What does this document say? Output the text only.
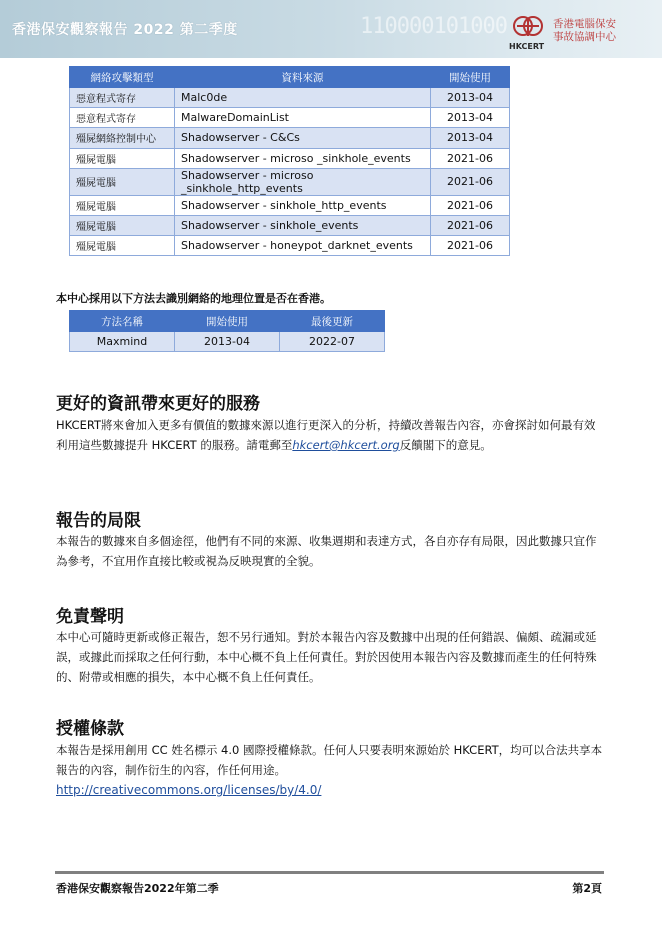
香港保安觀察報告 2022 第二季度	110000101000
HKCERT
香港電腦保安
事故協調中心
網絡攻擊類型	資料來源	開始使用
惡意程式寄存	Malc0de	2013-04
惡意程式寄存	MalwareDomainList	2013-04
殭屍網絡控制中心	Shadowserver - C&Cs	2013-04
殭屍電腦	Shadowserver - microso _sinkhole_events	2021-06
殭屍電腦	Shadowserver - microso _sinkhole_http_events	2021-06
殭屍電腦	Shadowserver - sinkhole_http_events	2021-06
殭屍電腦	Shadowserver - sinkhole_events	2021-06
殭屍電腦	Shadowserver - honeypot_darknet_events	2021-06

本中心採用以下方法去識別網絡的地理位置是否在香港。

方法名稱	開始使用	最後更新
Maxmind	2013-04	2022-07
更好的資訊帶來更好的服務

HKCERT將來會加入更多有價值的數據來源以進行更深入的分析，持續改善報告內容，亦會探討如何最有效利用這些數據提升 HKCERT 的服務。請電郵至hkcert@hkcert.org反饋閣下的意見。

報告的局限

本報告的數據來自多個途徑，他們有不同的來源、收集週期和表達方式，各自亦存有局限，因此數據只宜作為參考，不宜用作直接比較或視為反映現實的全貌。

免責聲明

本中心可隨時更新或修正報告，恕不另行通知。對於本報告內容及數據中出現的任何錯誤、偏頗、疏漏或延誤，或據此而採取之任何行動，本中心概不負上任何責任。對於因使用本報告內容及數據而產生的任何特殊的、附帶或相應的損失，本中心概不負上任何責任。

授權條款

本報告是採用創用 CC 姓名標示 4.0 國際授權條款。任何人只要表明來源始於 HKCERT，均可以合法共享本報告的內容，制作衍生的內容，作任何用途。

http://creativecommons.org/licenses/by/4.0/
香港保安觀察報告2022年第二季	第2頁
